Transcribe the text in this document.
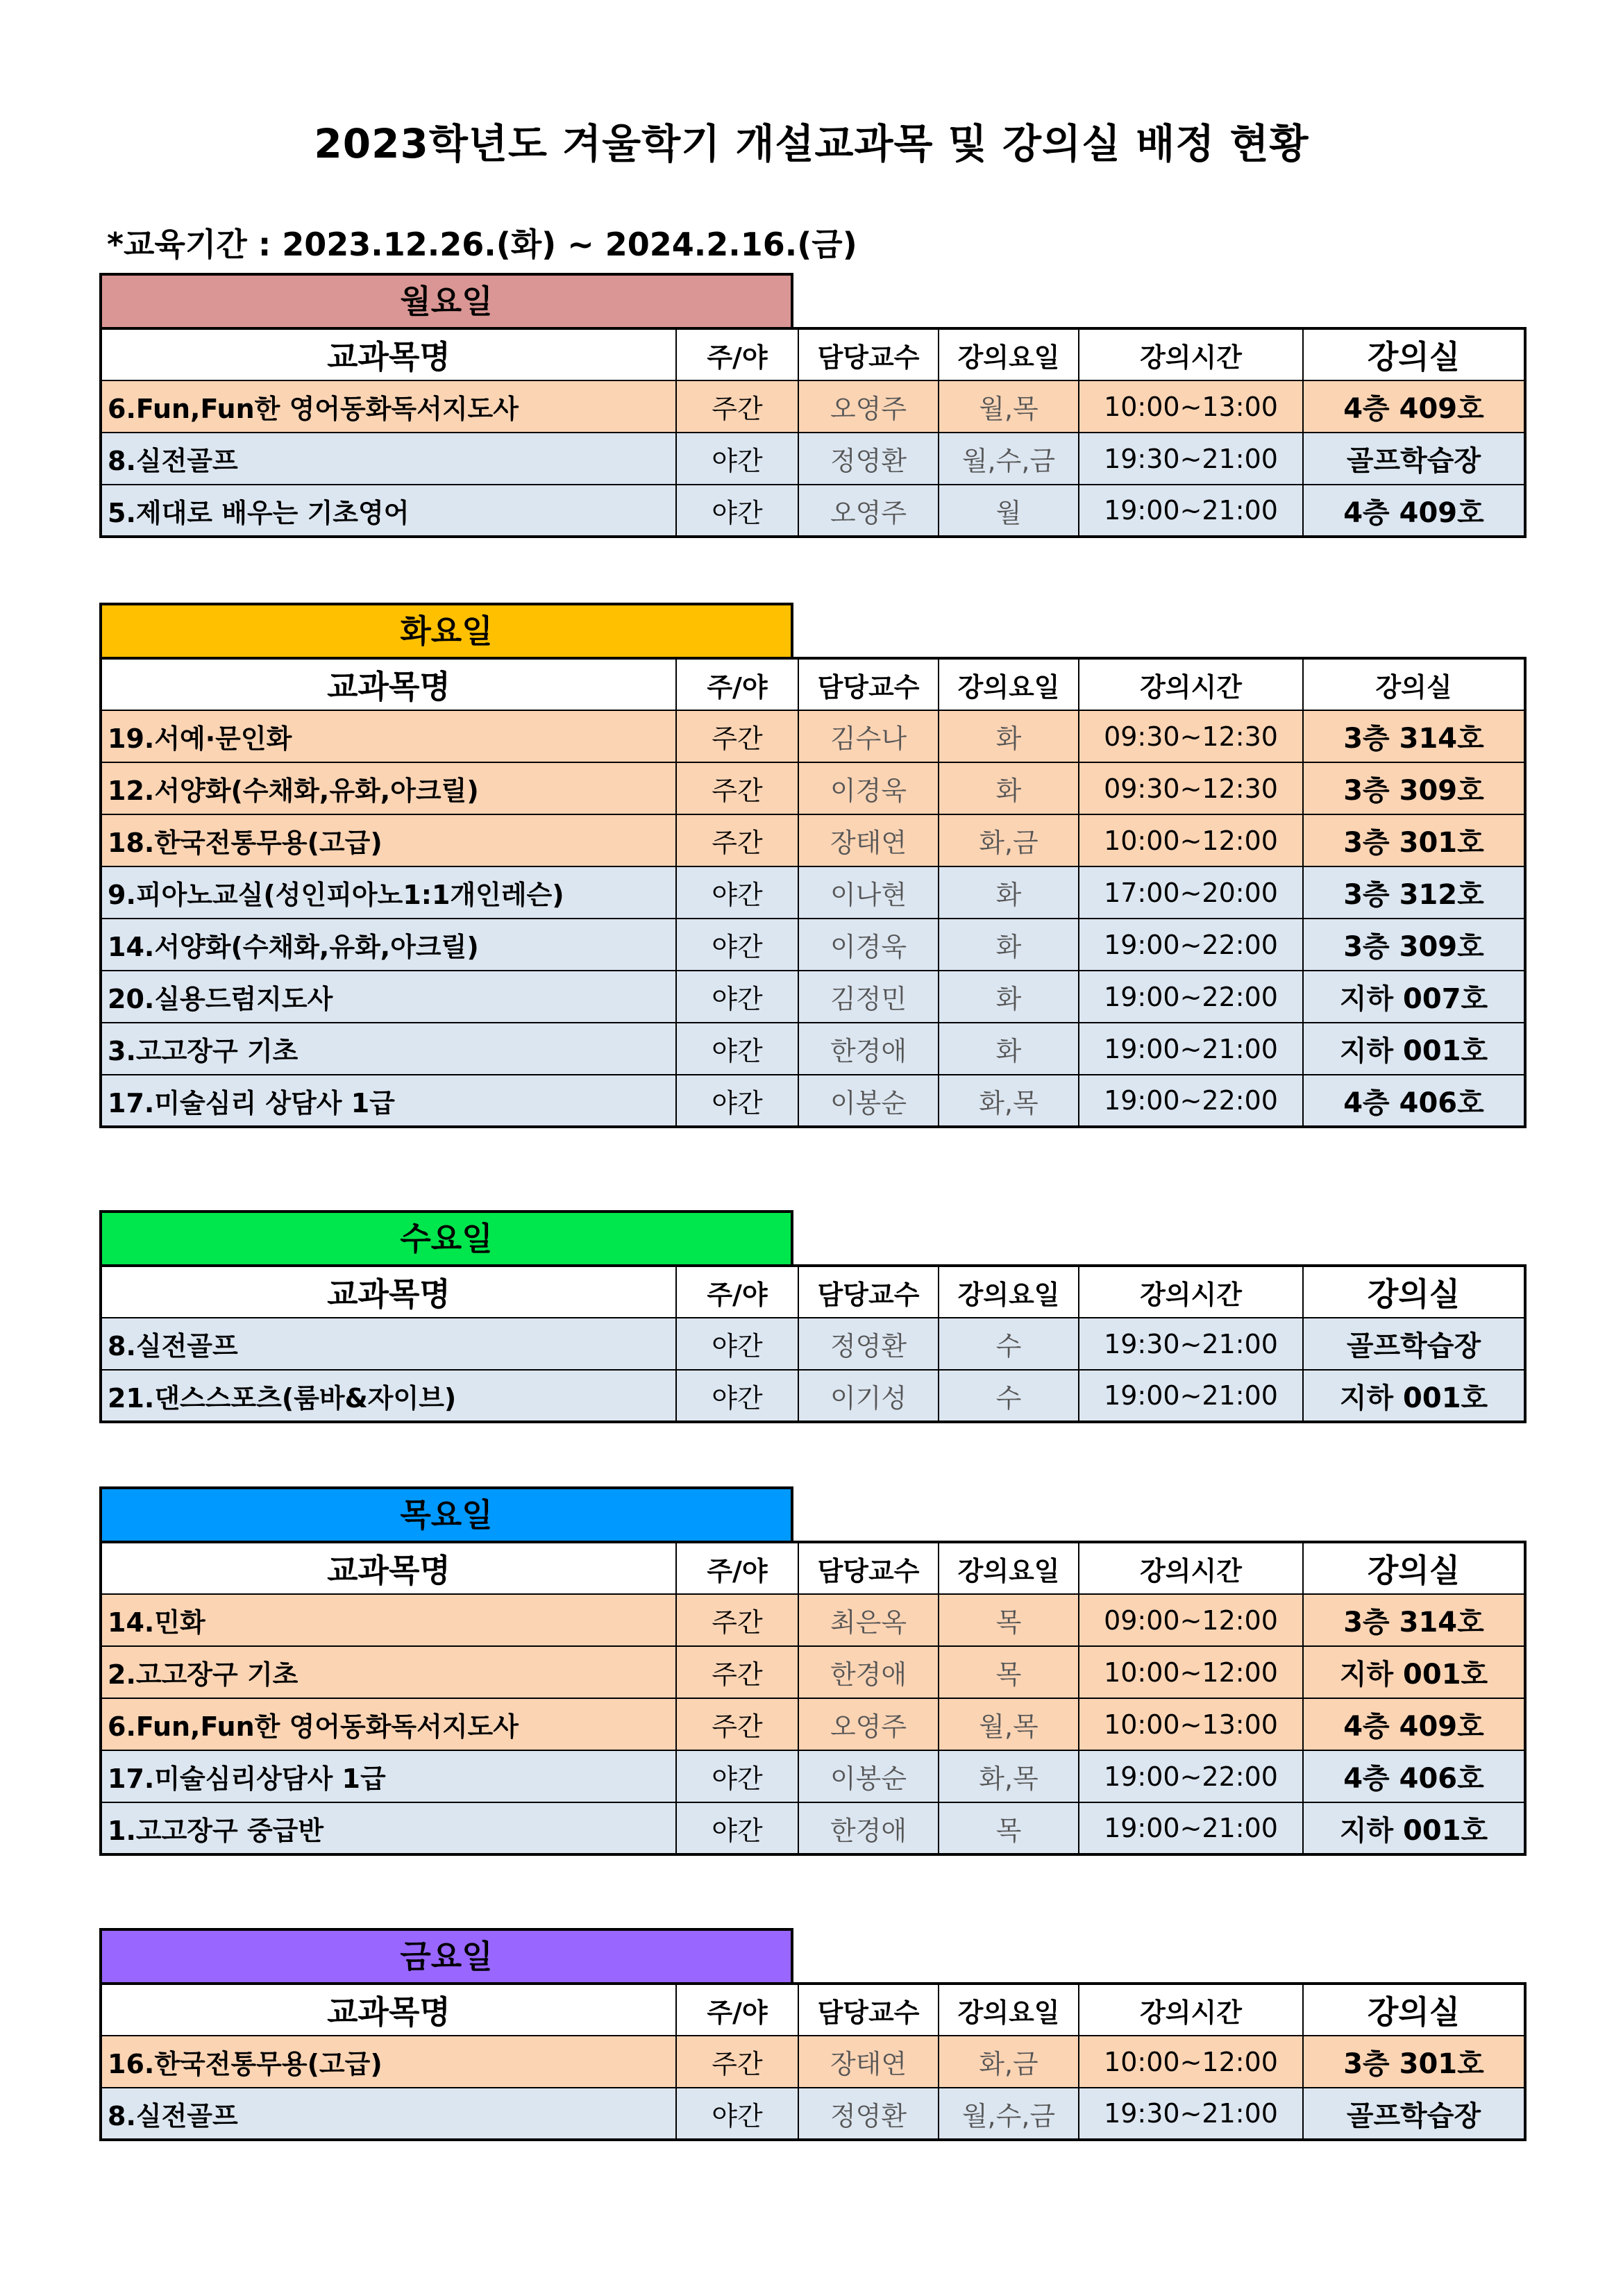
2023학년도 겨울학기 개설교과목 및 강의실 배정 현황
*교육기간 : 2023.12.26.(화) ~ 2024.2.16.(금)
월요일
교과목명	주/야	담당교수	강의요일	강의시간	강의실
6.Fun,Fun한 영어동화독서지도사	주간	오영주	월,목	10:00~13:00	4층 409호
8.실전골프	야간	정영환	월,수,금	19:30~21:00	골프학습장
5.제대로 배우는 기초영어	야간	오영주	월	19:00~21:00	4층 409호
화요일
교과목명	주/야	담당교수	강의요일	강의시간	강의실
19.서예·문인화	주간	김수나	화	09:30~12:30	3층 314호
12.서양화(수채화,유화,아크릴)	주간	이경욱	화	09:30~12:30	3층 309호
18.한국전통무용(고급)	주간	장태연	화,금	10:00~12:00	3층 301호
9.피아노교실(성인피아노1:1개인레슨)	야간	이나현	화	17:00~20:00	3층 312호
14.서양화(수채화,유화,아크릴)	야간	이경욱	화	19:00~22:00	3층 309호
20.실용드럼지도사	야간	김정민	화	19:00~22:00	지하 007호
3.고고장구 기초	야간	한경애	화	19:00~21:00	지하 001호
17.미술심리 상담사 1급	야간	이봉순	화,목	19:00~22:00	4층 406호
수요일
교과목명	주/야	담당교수	강의요일	강의시간	강의실
8.실전골프	야간	정영환	수	19:30~21:00	골프학습장
21.댄스스포츠(룸바&자이브)	야간	이기성	수	19:00~21:00	지하 001호
목요일
교과목명	주/야	담당교수	강의요일	강의시간	강의실
14.민화	주간	최은옥	목	09:00~12:00	3층 314호
2.고고장구 기초	주간	한경애	목	10:00~12:00	지하 001호
6.Fun,Fun한 영어동화독서지도사	주간	오영주	월,목	10:00~13:00	4층 409호
17.미술심리상담사 1급	야간	이봉순	화,목	19:00~22:00	4층 406호
1.고고장구 중급반	야간	한경애	목	19:00~21:00	지하 001호
금요일
교과목명	주/야	담당교수	강의요일	강의시간	강의실
16.한국전통무용(고급)	주간	장태연	화,금	10:00~12:00	3층 301호
8.실전골프	야간	정영환	월,수,금	19:30~21:00	골프학습장
